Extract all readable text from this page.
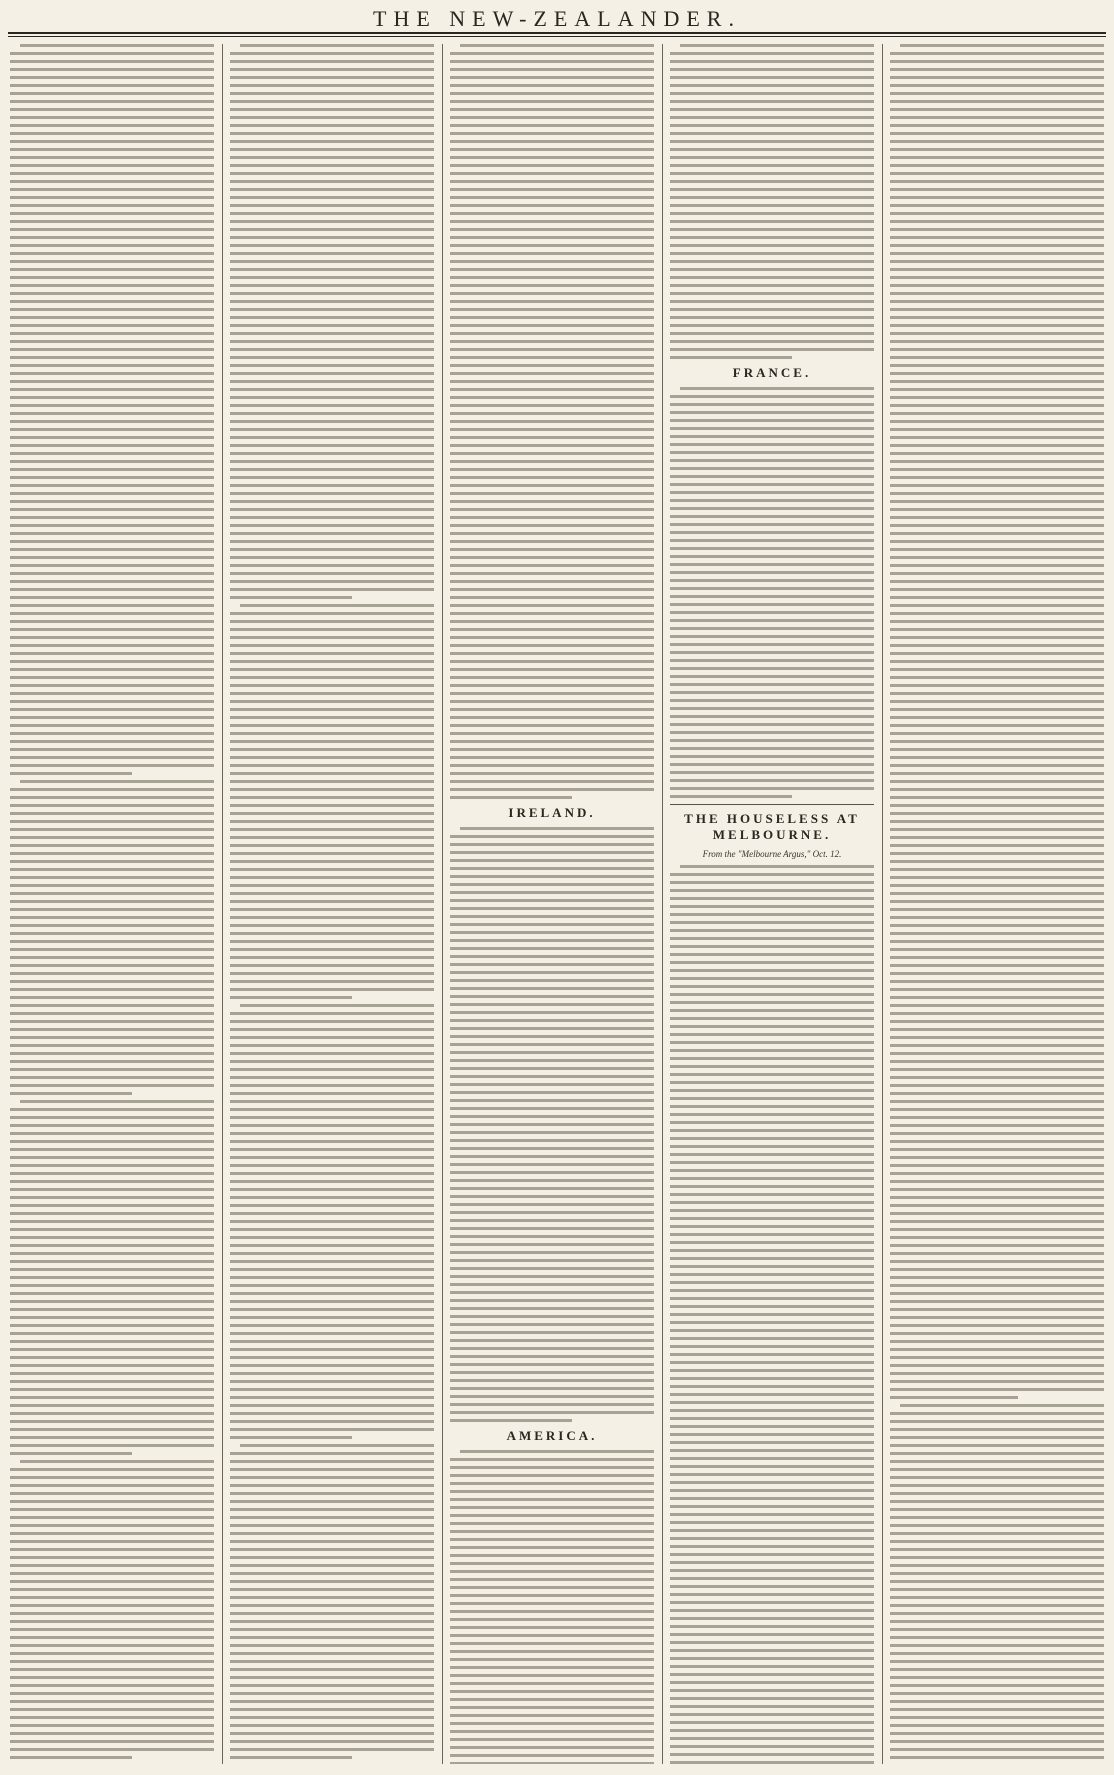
THE NEW-ZEALANDER.
IRELAND.
AMERICA.
FRANCE.
THE HOUSELESS AT MELBOURNE.
From the "Melbourne Argus," Oct. 12.
